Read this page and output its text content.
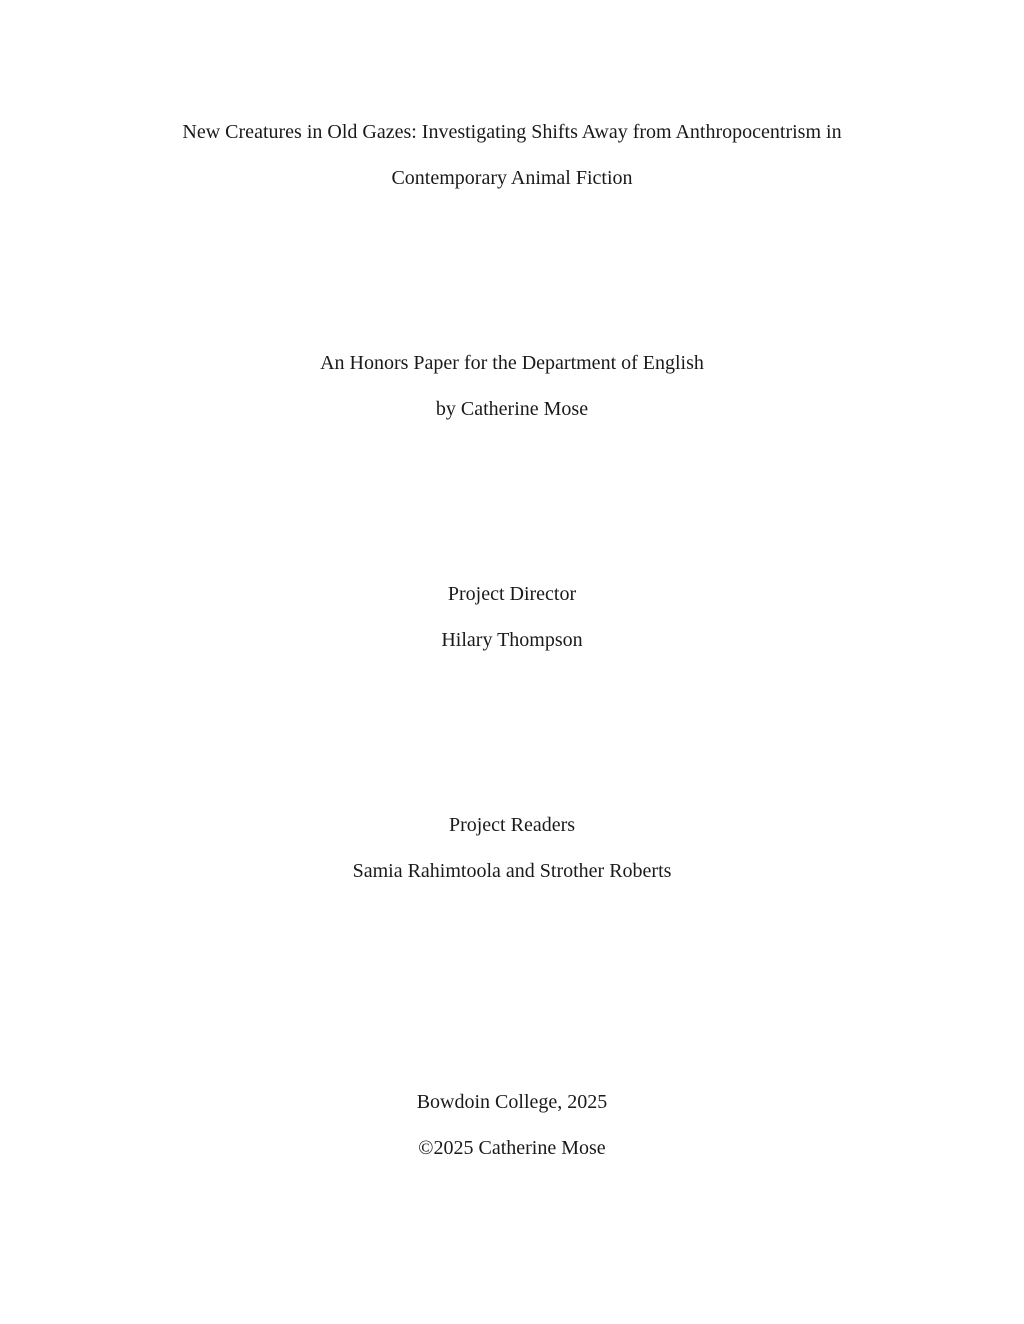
New Creatures in Old Gazes: Investigating Shifts Away from Anthropocentrism in
Contemporary Animal Fiction
An Honors Paper for the Department of English
by Catherine Mose
Project Director
Hilary Thompson
Project Readers
Samia Rahimtoola and Strother Roberts
Bowdoin College, 2025
©2025 Catherine Mose
